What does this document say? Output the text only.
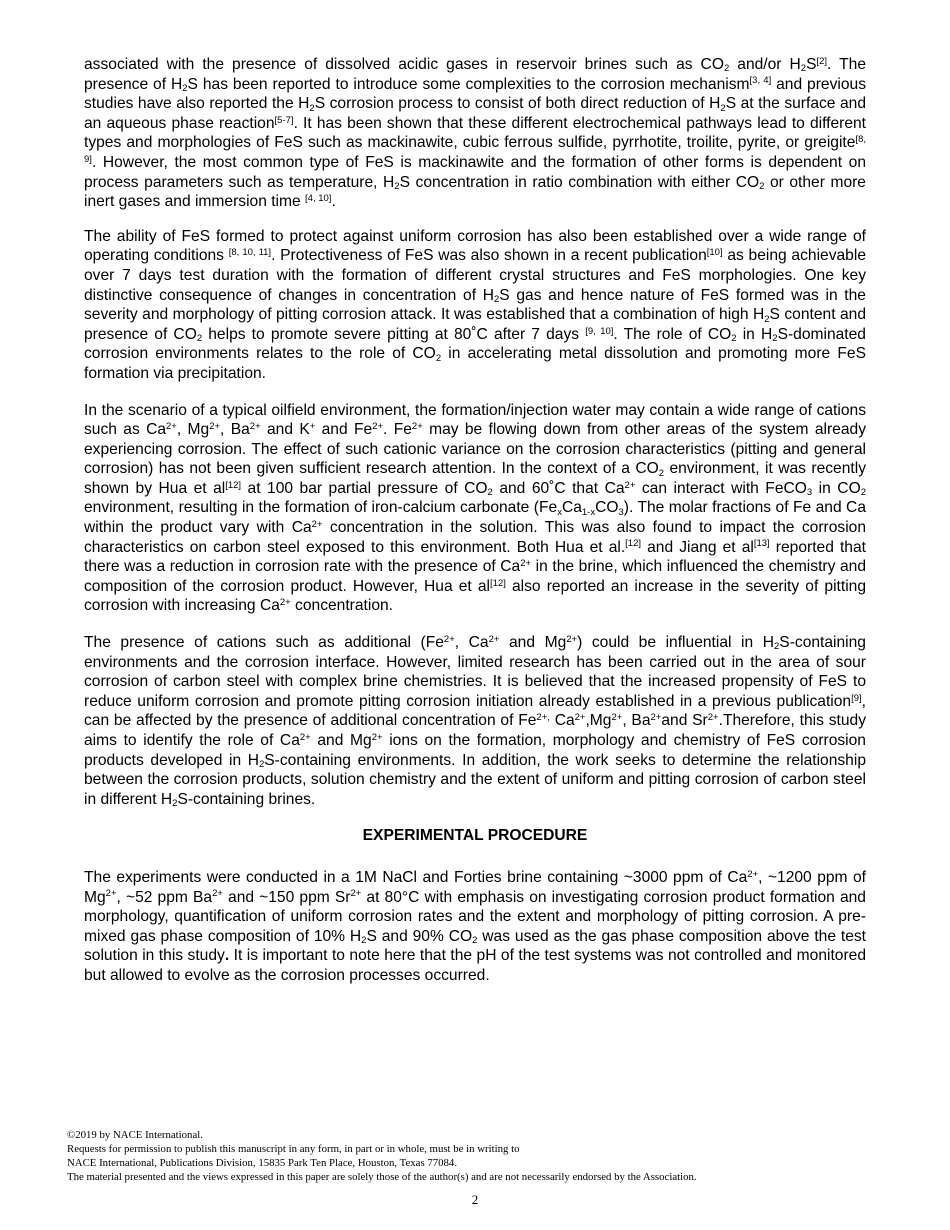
associated with the presence of dissolved acidic gases in reservoir brines such as $CO_2$ and/or $H_2S[2]$. The presence of $H_2S$ has been reported to introduce some complexities to the corrosion mechanism[3, 4] and previous studies have also reported the $H_2S$ corrosion process to consist of both direct reduction of $H_2S$ at the surface and an aqueous phase reaction[5-7]. It has been shown that these different electrochemical pathways lead to different types and morphologies of FeS such as mackinawite, cubic ferrous sulfide, pyrrhotite, troilite, pyrite, or greigite[8, 9]. However, the most common type of FeS is mackinawite and the formation of other forms is dependent on process parameters such as temperature, $H_2S$ concentration in ratio combination with either $CO_2$ or other more inert gases and immersion time [4, 10].

The ability of FeS formed to protect against uniform corrosion has also been established over a wide range of operating conditions [8, 10, 11]. Protectiveness of FeS was also shown in a recent publication[10] as being achievable over 7 days test duration with the formation of different crystal structures and FeS morphologies. One key distinctive consequence of changes in concentration of $H_2S$ gas and hence nature of FeS formed was in the severity and morphology of pitting corrosion attack. It was established that a combination of high $H_2S$ content and presence of $CO_2$ helps to promote severe pitting at 80˚C after 7 days [9, 10]. The role of $CO_2$ in $H_2S$-dominated corrosion environments relates to the role of $CO_2$ in accelerating metal dissolution and promoting more FeS formation via precipitation.

In the scenario of a typical oilfield environment, the formation/injection water may contain a wide range of cations such as $Ca^{2+}$, $Mg^{2+}$, $Ba^{2+}$ and K+ and $Fe^{2+}$. $Fe^{2+}$ may be flowing down from other areas of the system already experiencing corrosion. The effect of such cationic variance on the corrosion characteristics (pitting and general corrosion) has not been given sufficient research attention. In the context of a $CO_2$ environment, it was recently shown by Hua et al[12] at 100 bar partial pressure of $CO_2$ and 60˚C that $Ca^{2+}$ can interact with FeCO$_3$ in $CO_2$ environment, resulting in the formation of iron-calcium carbonate $(Fe_xCa_{1-x}CO_3)$. The molar fractions of Fe and Ca within the product vary with $Ca^{2+}$ concentration in the solution. This was also found to impact the corrosion characteristics on carbon steel exposed to this environment. Both Hua et al.[12] and Jiang et al[13] reported that there was a reduction in corrosion rate with the presence of $Ca^{2+}$ in the brine, which influenced the chemistry and composition of the corrosion product. However, Hua et al[12] also reported an increase in the severity of pitting corrosion with increasing $Ca^{2+}$ concentration.

The presence of cations such as additional ($Fe^{2+}$, $Ca^{2+}$ and $Mg^{2+}$) could be influential in $H_2S$-containing environments and the corrosion interface. However, limited research has been carried out in the area of sour corrosion of carbon steel with complex brine chemistries. It is believed that the increased propensity of FeS to reduce uniform corrosion and promote pitting corrosion initiation already established in a previous publication[9], can be affected by the presence of additional concentration of $Fe^{2+,}$ $Ca^{2+},Mg^{2+}$, $Ba^{2+}and$ $Sr^{2+}.Therefore$, this study aims to identify the role of $Ca^{2+}$ and $Mg^{2+}$ ions on the formation, morphology and chemistry of FeS corrosion products developed in $H_2S$-containing environments. In addition, the work seeks to determine the relationship between the corrosion products, solution chemistry and the extent of uniform and pitting corrosion of carbon steel in different $H_2S$-containing brines.

EXPERIMENTAL PROCEDURE

The experiments were conducted in a 1M NaCl and Forties brine containing ~3000 ppm of $Ca^{2+}$, ~1200 ppm of $Mg^{2+}$, ~52 ppm $Ba^{2+}$ and ~150 ppm $Sr^{2+}$ at 80°C with emphasis on investigating corrosion product formation and morphology, quantification of uniform corrosion rates and the extent and morphology of pitting corrosion. A pre-mixed gas phase composition of 10% $H_2S$ and 90% $CO_2$ was used as the gas phase composition above the test solution in this study. It is important to note here that the pH of the test systems was not controlled and monitored but allowed to evolve as the corrosion processes occurred.

©2019 by NACE International.
Requests for permission to publish this manuscript in any form, in part or in whole, must be in writing to
NACE International, Publications Division, 15835 Park Ten Place, Houston, Texas 77084.
The material presented and the views expressed in this paper are solely those of the author(s) and are not necessarily endorsed by the Association.
2
